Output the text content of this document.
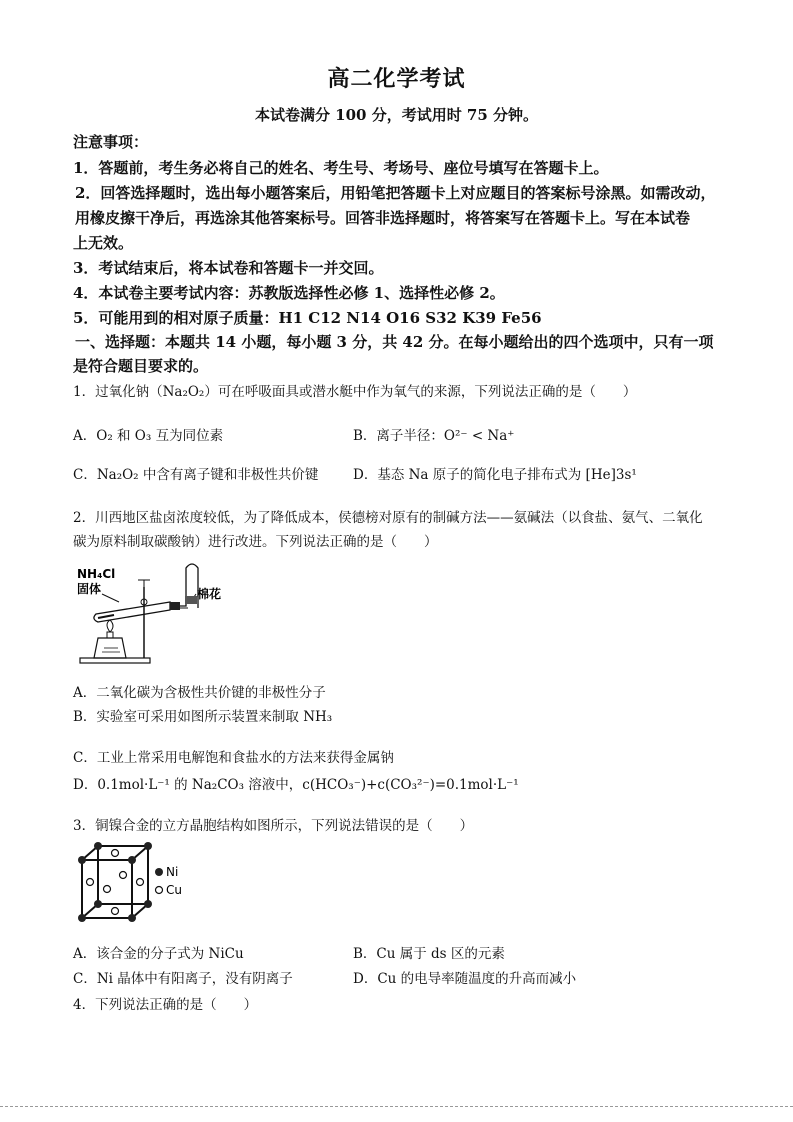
高二化学考试
本试卷满分 100 分，考试用时 75 分钟。
注意事项：
1．答题前，考生务必将自己的姓名、考生号、考场号、座位号填写在答题卡上。
2．回答选择题时，选出每小题答案后，用铅笔把答题卡上对应题目的答案标号涂黑。如需改动，
用橡皮擦干净后，再选涂其他答案标号。回答非选择题时，将答案写在答题卡上。写在本试卷
上无效。
3．考试结束后，将本试卷和答题卡一并交回。
4．本试卷主要考试内容：苏教版选择性必修 1、选择性必修 2。
5．可能用到的相对原子质量：H1 C12 N14 O16 S32 K39 Fe56
一、选择题：本题共 14 小题，每小题 3 分，共 42 分。在每小题给出的四个选项中，只有一项
是符合题目要求的。
1．过氧化钠（Na₂O₂）可在呼吸面具或潜水艇中作为氧气的来源，下列说法正确的是（　　）
A．O₂ 和 O₃ 互为同位素	B．离子半径：O²⁻ < Na⁺
C．Na₂O₂ 中含有离子键和非极性共价键	D．基态 Na 原子的简化电子排布式为 [He]3s¹
2．川西地区盐卤浓度较低，为了降低成本，侯德榜对原有的制碱方法——氨碱法（以食盐、氨气、二氧化
碳为原料制取碳酸钠）进行改进。下列说法正确的是（　　）
NH₄Cl
固体	棉花
A．二氧化碳为含极性共价键的非极性分子
B．实验室可采用如图所示装置来制取 NH₃
C．工业上常采用电解饱和食盐水的方法来获得金属钠
D．0.1mol·L⁻¹ 的 Na₂CO₃ 溶液中，c(HCO₃⁻)+c(CO₃²⁻)=0.1mol·L⁻¹
3．铜镍合金的立方晶胞结构如图所示，下列说法错误的是（　　）
Ni
Cu
A．该合金的分子式为 NiCu	B．Cu 属于 ds 区的元素
C．Ni 晶体中有阳离子，没有阴离子	D．Cu 的电导率随温度的升高而减小
4．下列说法正确的是（　　）
